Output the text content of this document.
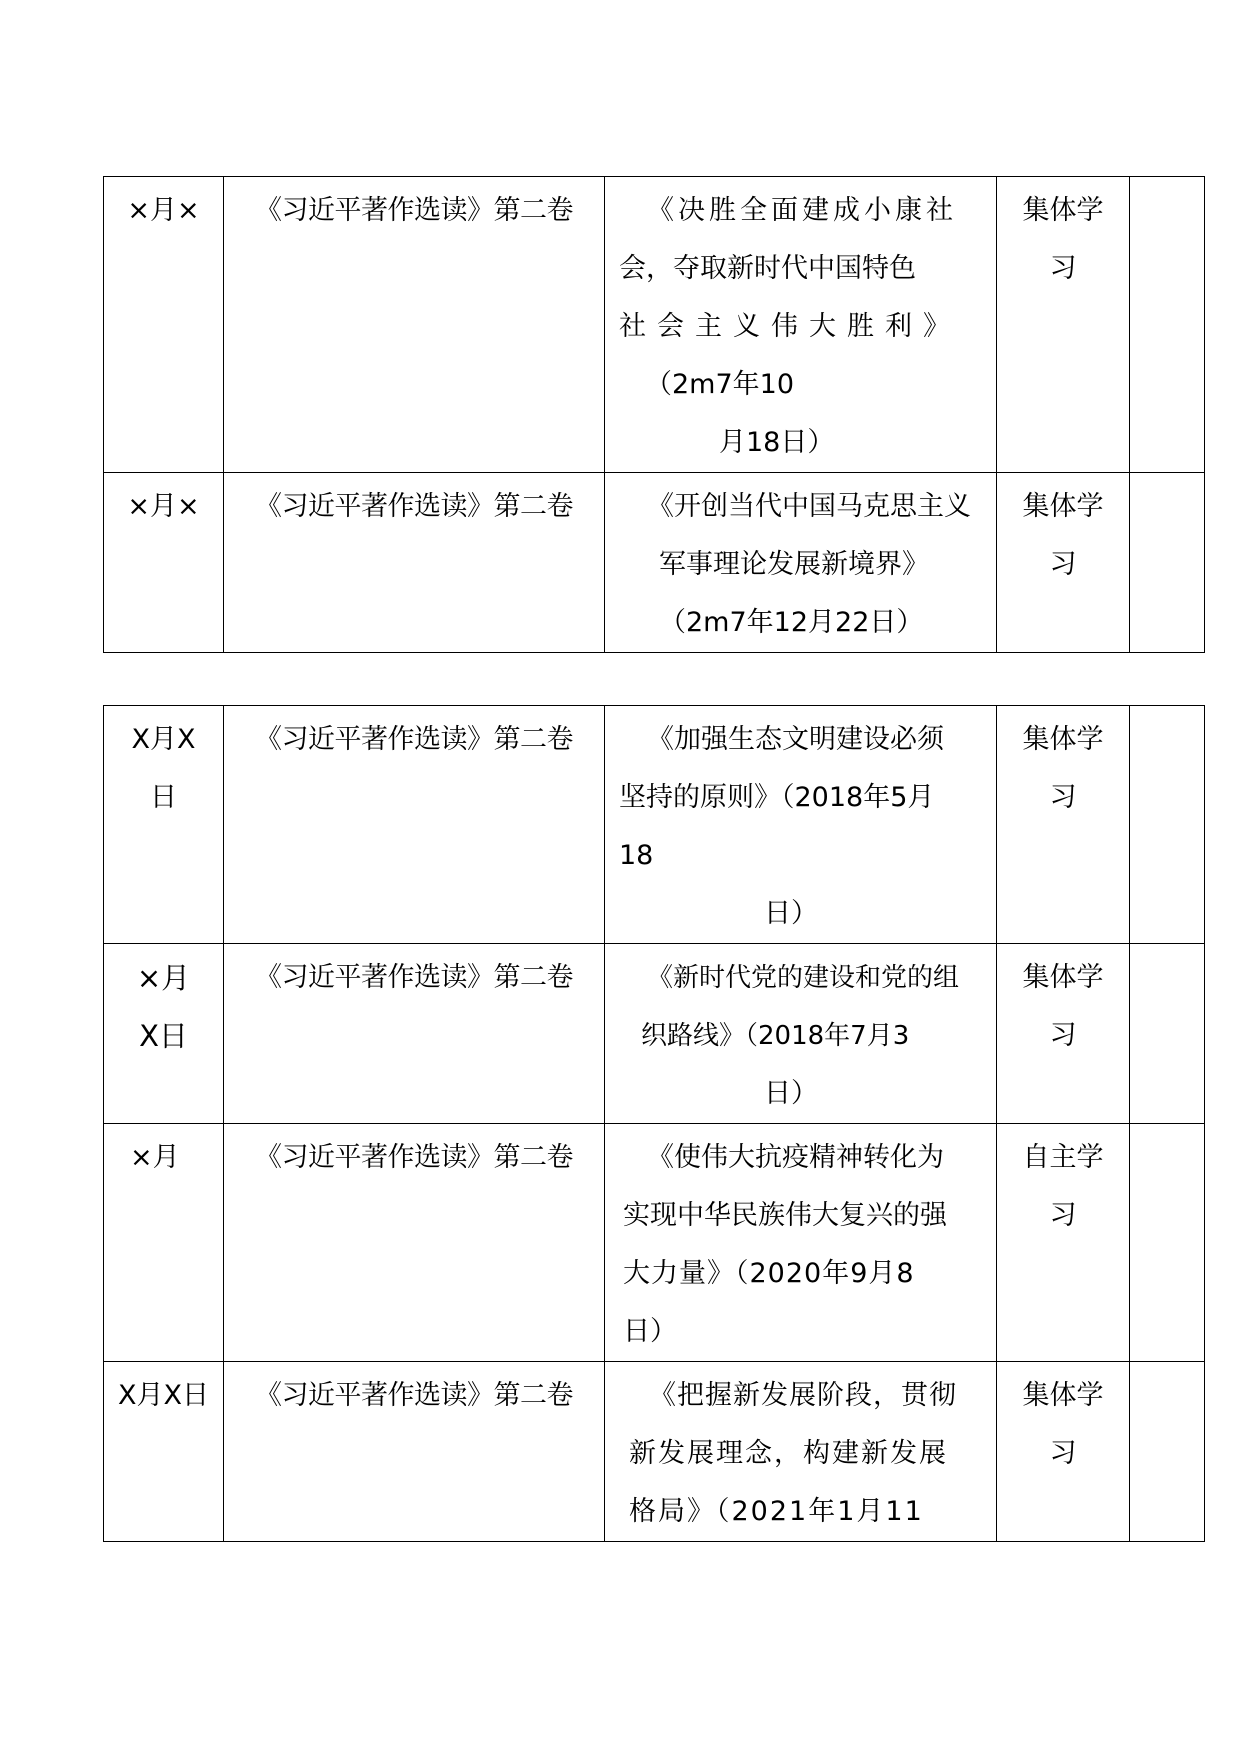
×月×	《习近平著作选读》第二卷	《决胜全面建成小康社
会，夺取新时代中国特色
社会主义伟大胜利》
（2m7年10
月18日）	集体学习	
×月×	《习近平著作选读》第二卷	《开创当代中国马克思主义
军事理论发展新境界》
（2m7年12月22日）	集体学习	
X月X日	《习近平著作选读》第二卷	《加强生态文明建设必须
坚持的原则》（2018年5月
18
日）	集体学习	
×月X日	《习近平著作选读》第二卷	《新时代党的建设和党的组
织路线》（2018年7月3
日）	集体学习	
×月	《习近平著作选读》第二卷	《使伟大抗疫精神转化为
实现中华民族伟大复兴的强
大力量》（2020年9月8
日）	自主学习	
X月X日	《习近平著作选读》第二卷	《把握新发展阶段，贯彻
新发展理念，构建新发展
格局》（2021年1月11	集体学习	
